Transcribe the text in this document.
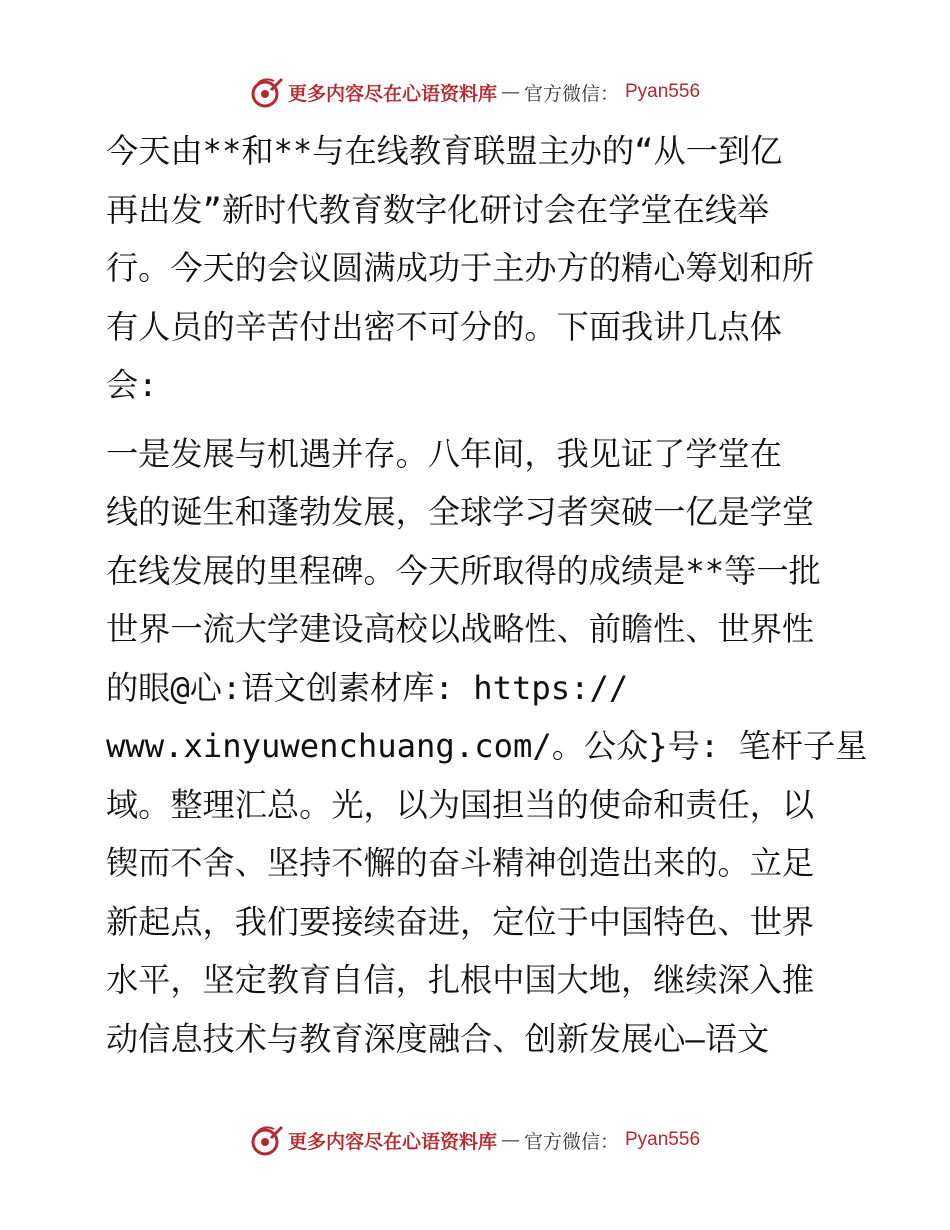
更多内容尽在心语资料库 — 官方微信： Pyan556

今天由**和**与在线教育联盟主办的“从一到亿
再出发”新时代教育数字化研讨会在学堂在线举
行。今天的会议圆满成功于主办方的精心筹划和所
有人员的辛苦付出密不可分的。下面我讲几点体
会:

一是发展与机遇并存。八年间，我见证了学堂在
线的诞生和蓬勃发展，全球学习者突破一亿是学堂
在线发展的里程碑。今天所取得的成绩是**等一批
世界一流大学建设高校以战略性、前瞻性、世界性
的眼@心:语文创素材库: https://
www.xinyuwenchuang.com/。公众}号: 笔杆子星
域。整理汇总。光，以为国担当的使命和责任，以
锲而不舍、坚持不懈的奋斗精神创造出来的。立足
新起点，我们要接续奋进，定位于中国特色、世界
水平，坚定教育自信，扎根中国大地，继续深入推
动信息技术与教育深度融合、创新发展心—语文

更多内容尽在心语资料库 — 官方微信： Pyan556
